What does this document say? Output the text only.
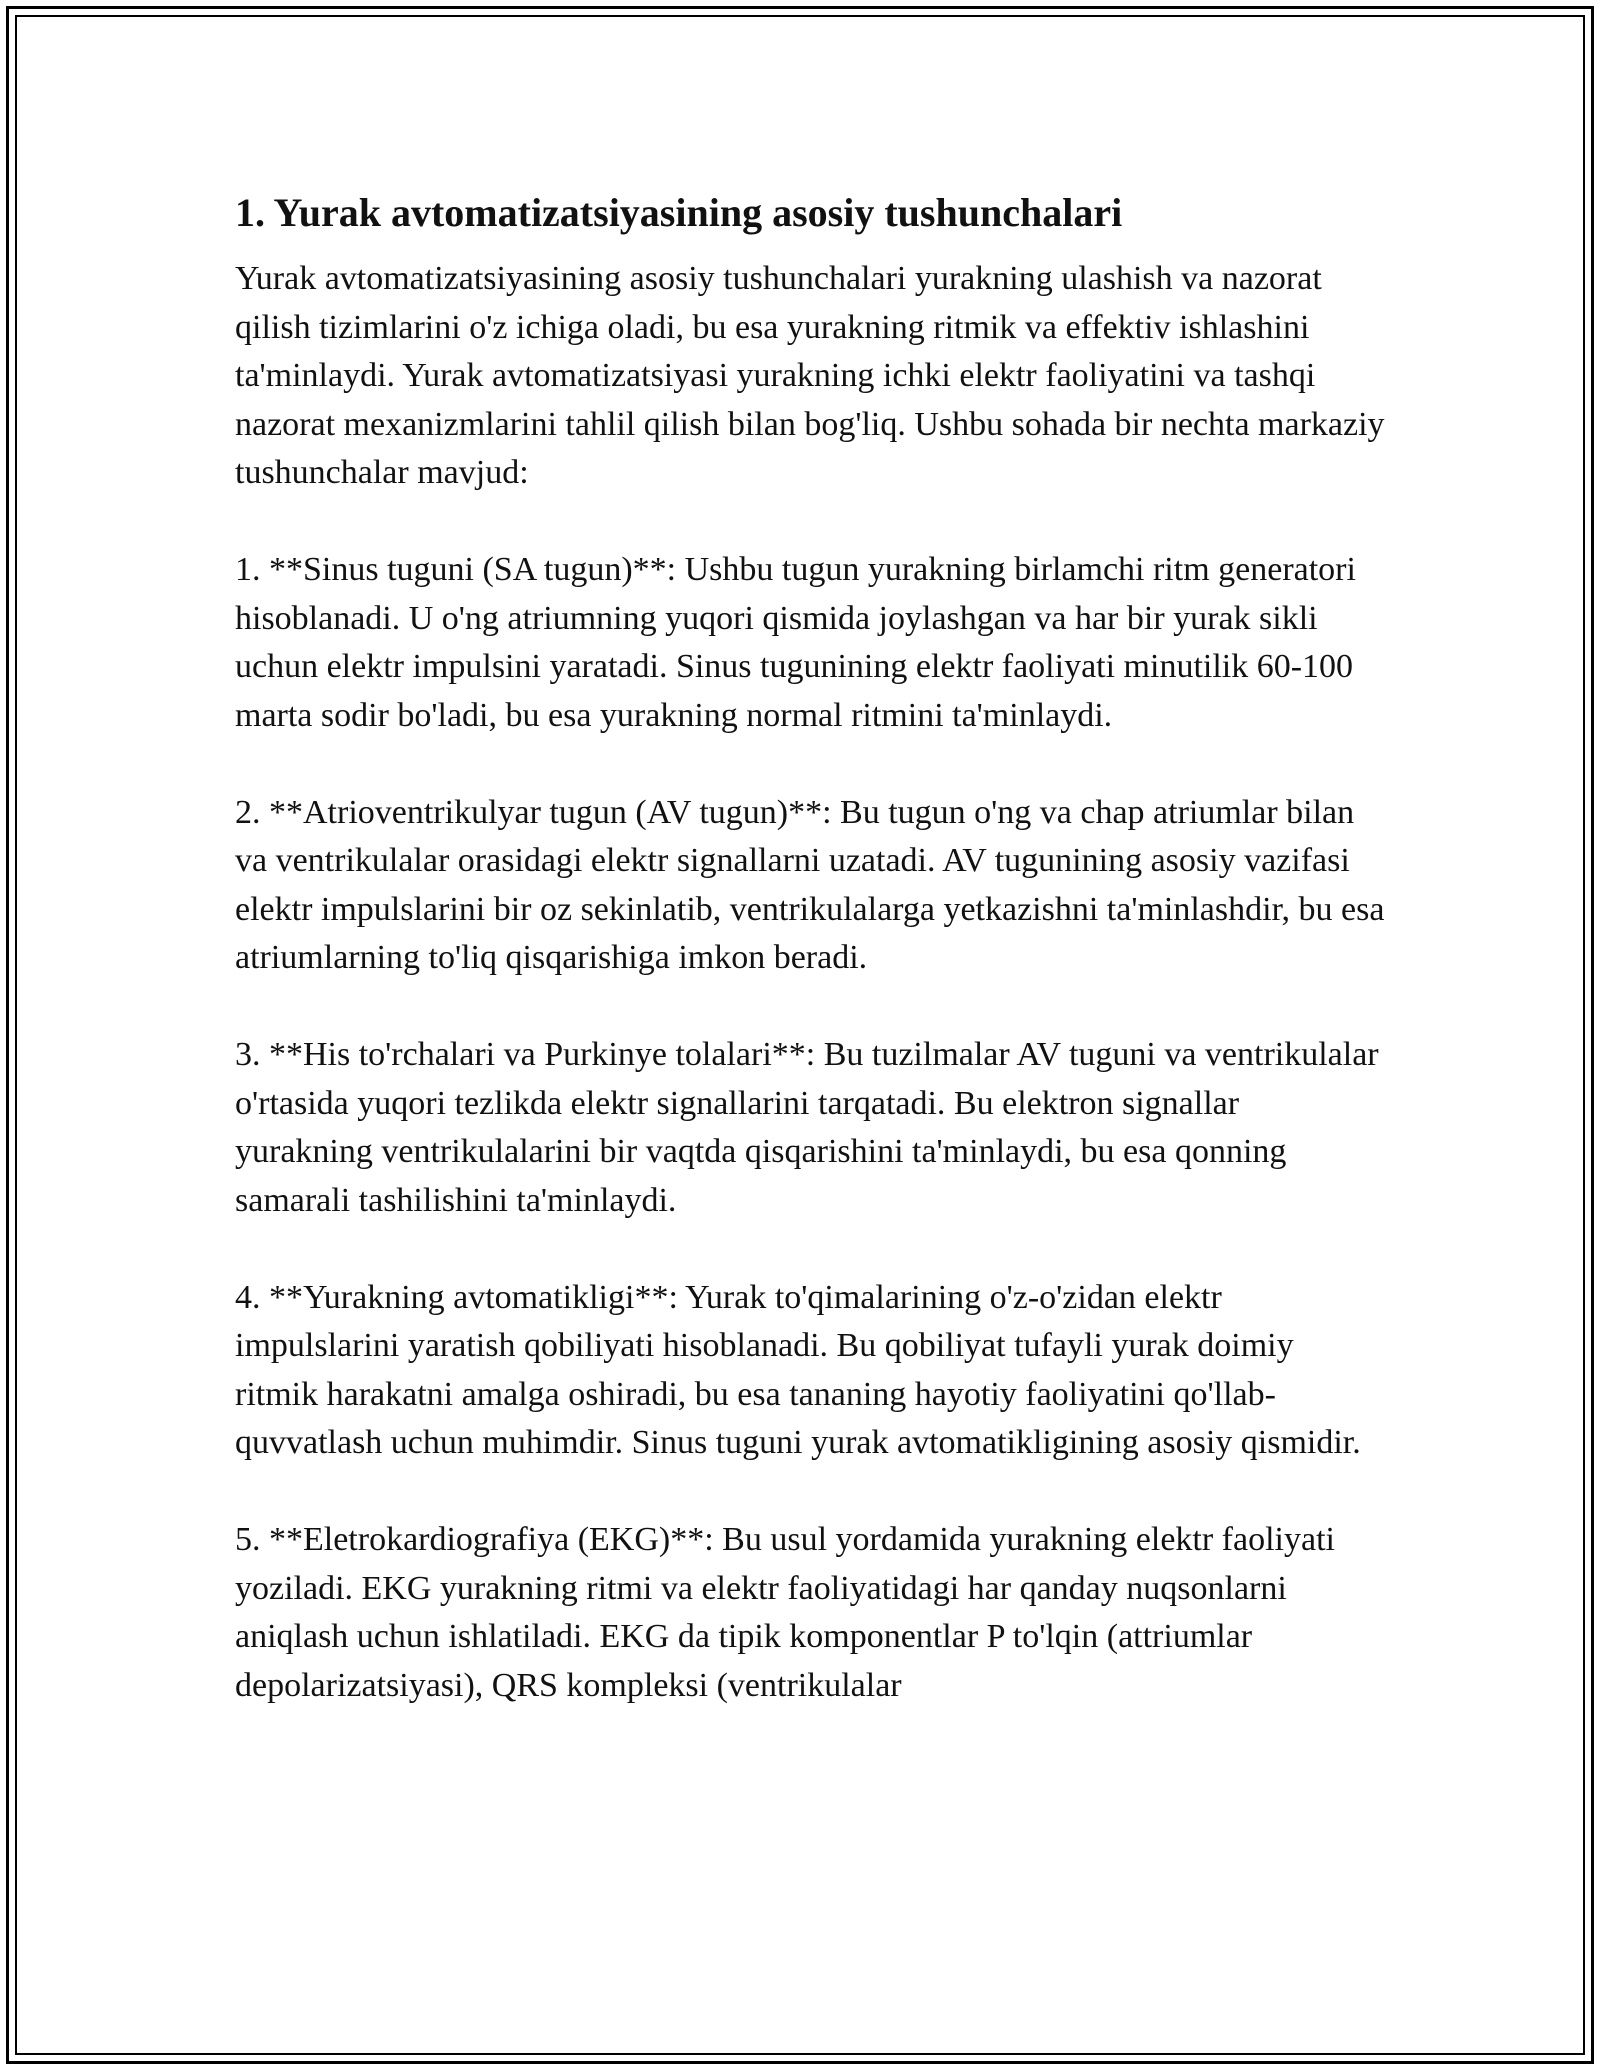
1. Yurak avtomatizatsiyasining asosiy tushunchalari

Yurak avtomatizatsiyasining asosiy tushunchalari yurakning ulashish va nazorat qilish tizimlarini o'z ichiga oladi, bu esa yurakning ritmik va effektiv ishlashini ta'minlaydi. Yurak avtomatizatsiyasi yurakning ichki elektr faoliyatini va tashqi nazorat mexanizmlarini tahlil qilish bilan bog'liq. Ushbu sohada bir nechta markaziy tushunchalar mavjud:

1. **Sinus tuguni (SA tugun)**: Ushbu tugun yurakning birlamchi ritm generatori hisoblanadi. U o'ng atriumning yuqori qismida joylashgan va har bir yurak sikli uchun elektr impulsini yaratadi. Sinus tugunining elektr faoliyati minutilik 60-100 marta sodir bo'ladi, bu esa yurakning normal ritmini ta'minlaydi.

2. **Atrioventrikulyar tugun (AV tugun)**: Bu tugun o'ng va chap atriumlar bilan va ventrikulalar orasidagi elektr signallarni uzatadi. AV tugunining asosiy vazifasi elektr impulslarini bir oz sekinlatib, ventrikulalarga yetkazishni ta'minlashdir, bu esa atriumlarning to'liq qisqarishiga imkon beradi.

3. **His to'rchalari va Purkinye tolalari**: Bu tuzilmalar AV tuguni va ventrikulalar o'rtasida yuqori tezlikda elektr signallarini tarqatadi. Bu elektron signallar yurakning ventrikulalarini bir vaqtda qisqarishini ta'minlaydi, bu esa qonning samarali tashilishini ta'minlaydi.

4. **Yurakning avtomatikligi**: Yurak to'qimalarining o'z-o'zidan elektr impulslarini yaratish qobiliyati hisoblanadi. Bu qobiliyat tufayli yurak doimiy ritmik harakatni amalga oshiradi, bu esa tananing hayotiy faoliyatini qo'llab-quvvatlash uchun muhimdir. Sinus tuguni yurak avtomatikligining asosiy qismidir.

5. **Eletrokardiografiya (EKG)**: Bu usul yordamida yurakning elektr faoliyati yoziladi. EKG yurakning ritmi va elektr faoliyatidagi har qanday nuqsonlarni aniqlash uchun ishlatiladi. EKG da tipik komponentlar P to'lqin (attriumlar depolarizatsiyasi), QRS kompleksi (ventrikulalar
